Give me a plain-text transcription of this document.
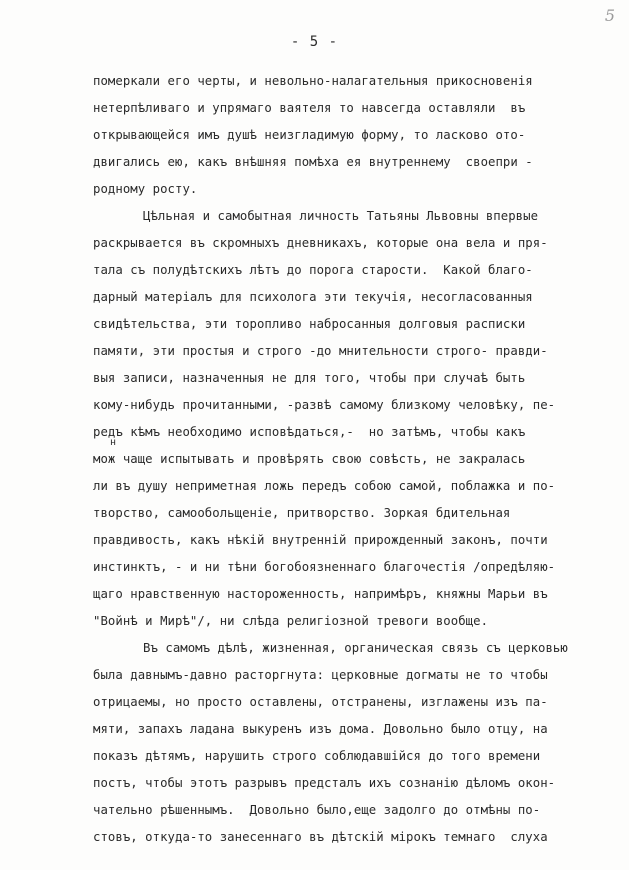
5
- 5 -
померкали его черты, и невольно-налагательныя прикосновенія
нетерпѣливаго и упрямаго ваятеля то навсегда оставляли  въ
открывающейся имъ душѣ неизгладимую форму, то ласково ото-
двигались ею, какъ внѣшняя помѣха ея внутреннему  своепри -
родному росту.
Цѣльная и самобытная личность Татьяны Львовны впервые
раскрывается въ скромныхъ дневникахъ, которые она вела и пря-
тала съ полудѣтскихъ лѣтъ до порога старости.  Какой благо-
дарный матеріалъ для психолога эти текучія, несогласованныя
свидѣтельства, эти торопливо набросанныя долговыя расписки
памяти, эти простыя и строго -до мнительности строго- правди-
выя записи, назначенныя не для того, чтобы при случаѣ быть
кому-нибудь прочитанными, -развѣ самому близкому человѣку, пе-
редъ кѣмъ необходимо исповѣдаться,-  но затѣмъ, чтобы какъ
н
мож чаще испытывать и провѣрять свою совѣсть, не закралась
ли въ душу неприметная ложь передъ собою самой, поблажка и по-
творство, самообольщеніе, притворство. Зоркая бдительная
правдивость, какъ нѣкій внутренній прирожденный законъ, почти
инстинктъ, - и ни тѣни богобоязненнаго благочестія /опредѣляю-
щаго нравственную настороженность, напримѣръ, княжны Марьи въ
"Войнѣ и Мирѣ"/, ни слѣда религіозной тревоги вообще.
Въ самомъ дѣлѣ, жизненная, органическая связь съ церковью
была давнымъ-давно расторгнута: церковные догматы не то чтобы
отрицаемы, но просто оставлены, отстранены, изглажены изъ па-
мяти, запахъ ладана выкуренъ изъ дома. Довольно было отцу, на
показъ дѣтямъ, нарушить строго соблюдавшійся до того времени
постъ, чтобы этотъ разрывъ предсталъ ихъ сознанію дѣломъ окон-
чательно рѣшеннымъ.  Довольно было,еще задолго до отмѣны по-
стовъ, откуда-то занесеннаго въ дѣтскій мірокъ темнаго  слуха
